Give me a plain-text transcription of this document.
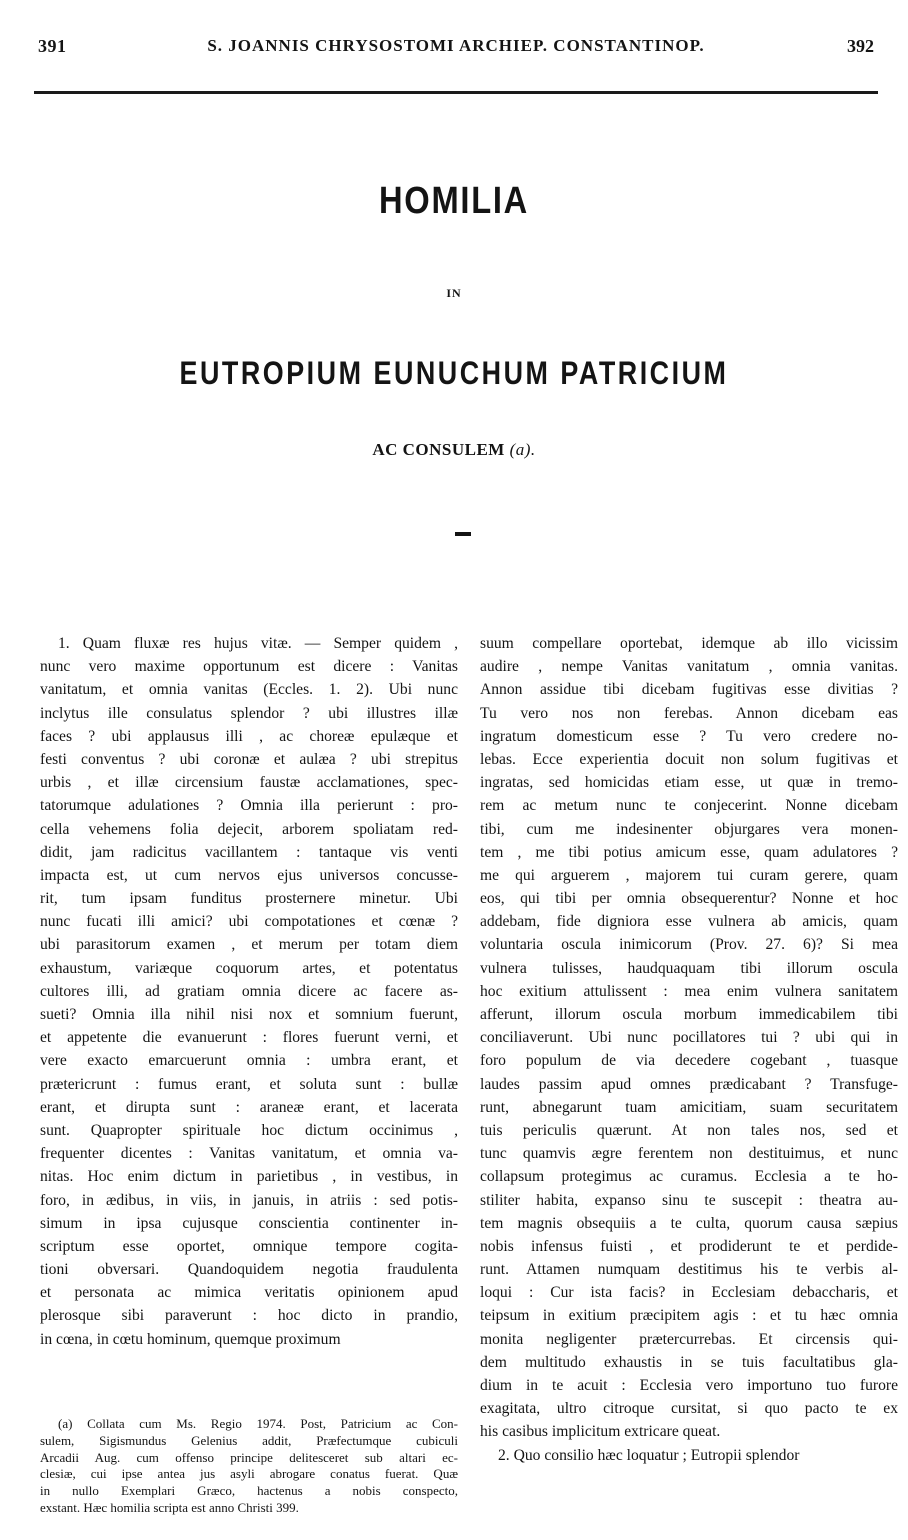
391	S. JOANNIS CHRYSOSTOMI ARCHIEP. CONSTANTINOP.	392
HOMILIA
IN
EUTROPIUM EUNUCHUM PATRICIUM
AC CONSULEM (a).
1. Quam fluxæ res hujus vitæ. — Semper quidem ,
nunc vero maxime opportunum est dicere : Vanitas
vanitatum, et omnia vanitas (Eccles. 1. 2). Ubi nunc
inclytus ille consulatus splendor ? ubi illustres illæ
faces ? ubi applausus illi , ac choreæ epulæque et
festi conventus ? ubi coronæ et aulæa ? ubi strepitus
urbis , et illæ circensium faustæ acclamationes, spec-
tatorumque adulationes ? Omnia illa perierunt : pro-
cella vehemens folia dejecit, arborem spoliatam red-
didit, jam radicitus vacillantem : tantaque vis venti
impacta est, ut cum nervos ejus universos concusse-
rit, tum ipsam funditus prosternere minetur. Ubi
nunc fucati illi amici? ubi compotationes et cœnæ ?
ubi parasitorum examen , et merum per totam diem
exhaustum, variæque coquorum artes, et potentatus
cultores illi, ad gratiam omnia dicere ac facere as-
sueti? Omnia illa nihil nisi nox et somnium fuerunt,
et appetente die evanuerunt : flores fuerunt verni, et
vere exacto emarcuerunt omnia : umbra erant, et
prætericrunt : fumus erant, et soluta sunt : bullæ
erant, et dirupta sunt : araneæ erant, et lacerata
sunt. Quapropter spirituale hoc dictum occinimus ,
frequenter dicentes : Vanitas vanitatum, et omnia va-
nitas. Hoc enim dictum in parietibus , in vestibus, in
foro, in ædibus, in viis, in januis, in atriis : sed potis-
simum in ipsa cujusque conscientia continenter in-
scriptum esse oportet, omnique tempore cogita-
tioni obversari. Quandoquidem negotia fraudulenta
et personata ac mimica veritatis opinionem apud
plerosque sibi paraverunt : hoc dicto in prandio,
in cœna, in cœtu hominum, quemque proximum
suum compellare oportebat, idemque ab illo vicissim
audire , nempe Vanitas vanitatum , omnia vanitas.
Annon assidue tibi dicebam fugitivas esse divitias ?
Tu vero nos non ferebas. Annon dicebam eas
ingratum domesticum esse ? Tu vero credere no-
lebas. Ecce experientia docuit non solum fugitivas et
ingratas, sed homicidas etiam esse, ut quæ in tremo-
rem ac metum nunc te conjecerint. Nonne dicebam
tibi, cum me indesinenter objurgares vera monen-
tem , me tibi potius amicum esse, quam adulatores ?
me qui arguerem , majorem tui curam gerere, quam
eos, qui tibi per omnia obsequerentur? Nonne et hoc
addebam, fide digniora esse vulnera ab amicis, quam
voluntaria oscula inimicorum (Prov. 27. 6)? Si mea
vulnera tulisses, haudquaquam tibi illorum oscula
hoc exitium attulissent : mea enim vulnera sanitatem
afferunt, illorum oscula morbum immedicabilem tibi
conciliaverunt. Ubi nunc pocillatores tui ? ubi qui in
foro populum de via decedere cogebant , tuasque
laudes passim apud omnes prædicabant ? Transfuge-
runt, abnegarunt tuam amicitiam, suam securitatem
tuis periculis quærunt. At non tales nos, sed et
tunc quamvis ægre ferentem non destituimus, et nunc
collapsum protegimus ac curamus. Ecclesia a te ho-
stiliter habita, expanso sinu te suscepit : theatra au-
tem magnis obsequiis a te culta, quorum causa sæpius
nobis infensus fuisti , et prodiderunt te et perdide-
runt. Attamen numquam destitimus his te verbis al-
loqui : Cur ista facis? in Ecclesiam debaccharis, et
teipsum in exitium præcipitem agis : et tu hæc omnia
monita negligenter prætercurrebas. Et circensis qui-
dem multitudo exhaustis in se tuis facultatibus gla-
dium in te acuit : Ecclesia vero importuno tuo furore
exagitata, ultro citroque cursitat, si quo pacto te ex
his casibus implicitum extricare queat.
2. Quo consilio hæc loquatur ; Eutropii splendor
(a) Collata cum Ms. Regio 1974. Post, Patricium ac Con-
sulem, Sigismundus Gelenius addit, Præfectumque cubiculi
Arcadii Aug. cum offenso principe delitesceret sub altari ec-
clesiæ, cui ipse antea jus asyli abrogare conatus fuerat. Quæ
in nullo Exemplari Græco, hactenus a nobis conspecto,
exstant. Hæc homilia scripta est anno Christi 399.
